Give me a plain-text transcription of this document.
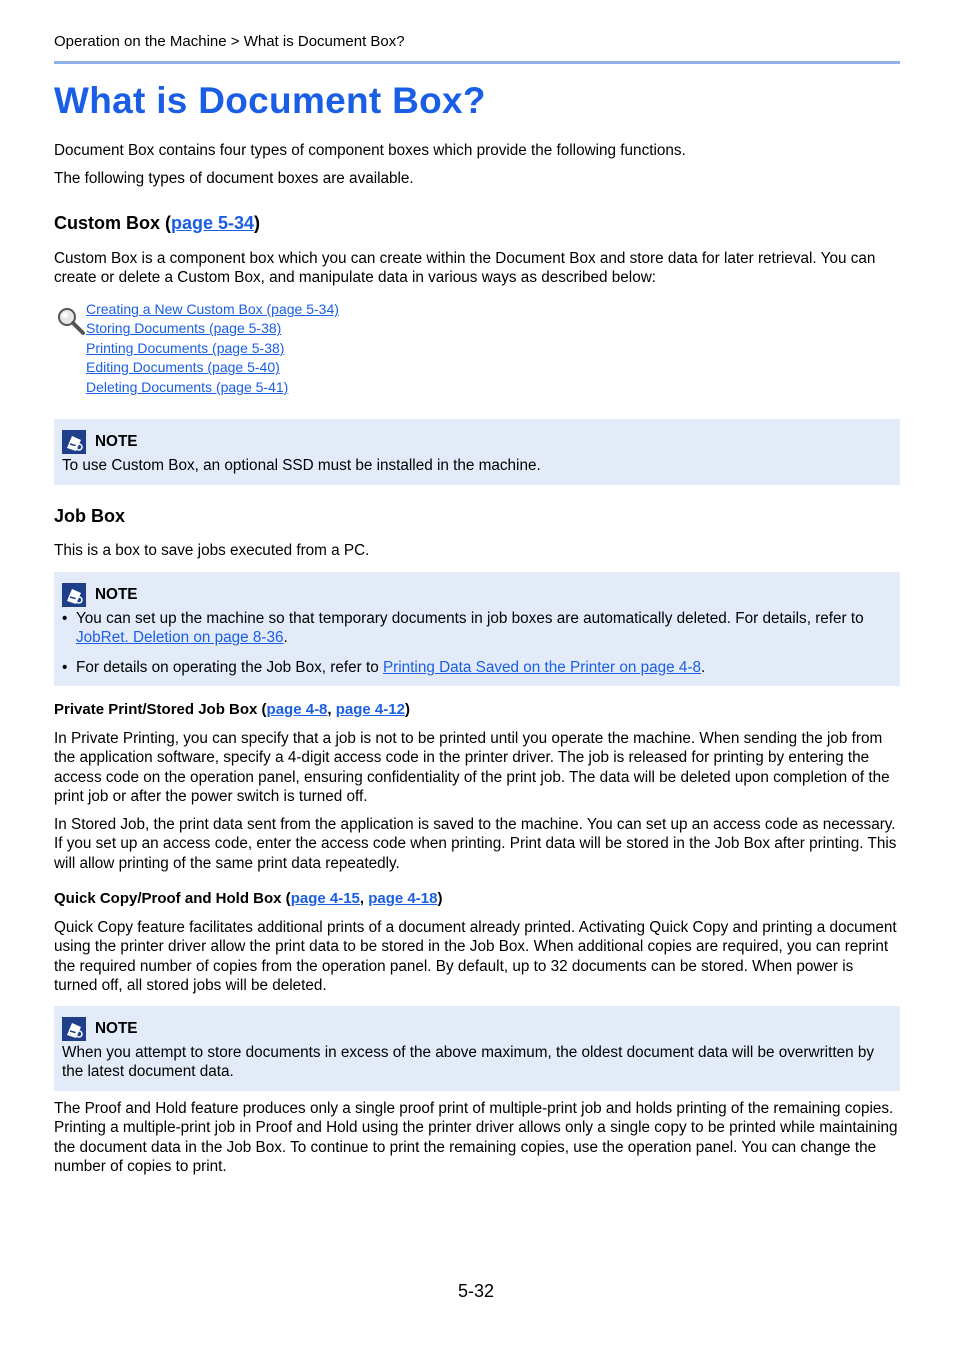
Operation on the Machine > What is Document Box?
What is Document Box?

Document Box contains four types of component boxes which provide the following functions.

The following types of document boxes are available.

Custom Box (page 5-34)

Custom Box is a component box which you can create within the Document Box and store data for later retrieval. You can create or delete a Custom Box, and manipulate data in various ways as described below:

Creating a New Custom Box (page 5-34)
Storing Documents (page 5-38)
Printing Documents (page 5-38)
Editing Documents (page 5-40)
Deleting Documents (page 5-41)
NOTE

To use Custom Box, an optional SSD must be installed in the machine.

Job Box

This is a box to save jobs executed from a PC.

NOTE
• You can set up the machine so that temporary documents in job boxes are automatically deleted. For details, refer to JobRet. Deletion on page 8-36.
• For details on operating the Job Box, refer to Printing Data Saved on the Printer on page 4-8.
Private Print/Stored Job Box (page 4-8, page 4-12)

In Private Printing, you can specify that a job is not to be printed until you operate the machine. When sending the job from the application software, specify a 4-digit access code in the printer driver. The job is released for printing by entering the access code on the operation panel, ensuring confidentiality of the print job. The data will be deleted upon completion of the print job or after the power switch is turned off.

In Stored Job, the print data sent from the application is saved to the machine. You can set up an access code as necessary. If you set up an access code, enter the access code when printing. Print data will be stored in the Job Box after printing. This will allow printing of the same print data repeatedly.

Quick Copy/Proof and Hold Box (page 4-15, page 4-18)

Quick Copy feature facilitates additional prints of a document already printed. Activating Quick Copy and printing a document using the printer driver allow the print data to be stored in the Job Box. When additional copies are required, you can reprint the required number of copies from the operation panel. By default, up to 32 documents can be stored. When power is turned off, all stored jobs will be deleted.

NOTE

When you attempt to store documents in excess of the above maximum, the oldest document data will be overwritten by the latest document data.

The Proof and Hold feature produces only a single proof print of multiple-print job and holds printing of the remaining copies. Printing a multiple-print job in Proof and Hold using the printer driver allows only a single copy to be printed while maintaining the document data in the Job Box. To continue to print the remaining copies, use the operation panel. You can change the number of copies to print.

5-32
